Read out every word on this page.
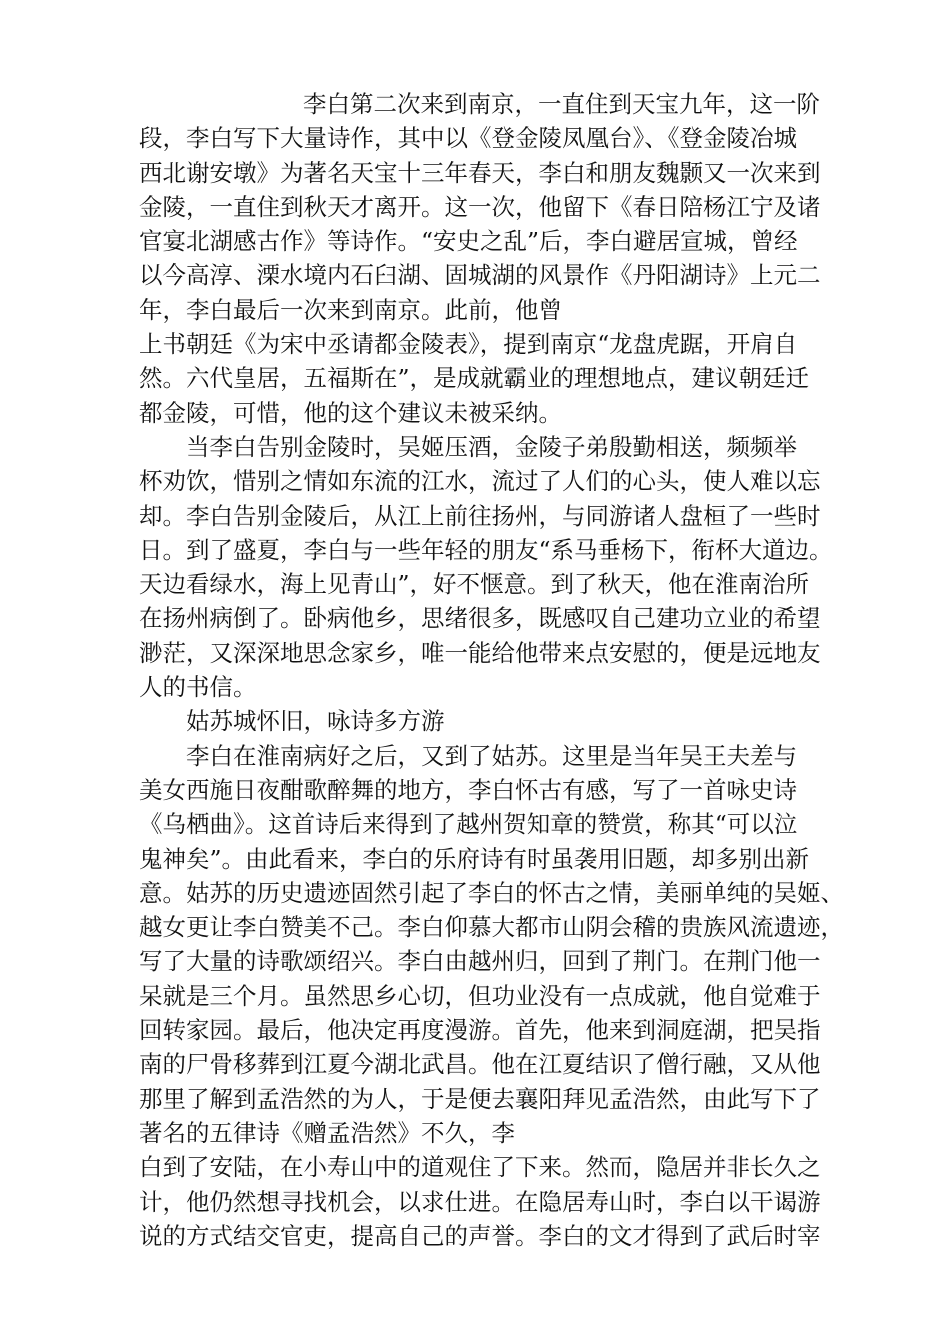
李白第二次来到南京，一直住到天宝九年，这一阶
段，李白写下大量诗作，其中以《登金陵凤凰台》、《登金陵冶城
西北谢安墩》为著名天宝十三年春天，李白和朋友魏颢又一次来到
金陵，一直住到秋天才离开。这一次，他留下《春日陪杨江宁及诸
官宴北湖感古作》等诗作。“安史之乱”后，李白避居宣城，曾经
以今高淳、溧水境内石臼湖、固城湖的风景作《丹阳湖诗》上元二
年，李白最后一次来到南京。此前，他曾
上书朝廷《为宋中丞请都金陵表》，提到南京“龙盘虎踞，开肩自
然。六代皇居，五福斯在”，是成就霸业的理想地点，建议朝廷迁
都金陵，可惜，他的这个建议未被采纳。
当李白告别金陵时，吴姬压酒，金陵子弟殷勤相送，频频举
杯劝饮，惜别之情如东流的江水，流过了人们的心头，使人难以忘
却。李白告别金陵后，从江上前往扬州，与同游诸人盘桓了一些时
日。到了盛夏，李白与一些年轻的朋友“系马垂杨下，衔杯大道边。
天边看绿水，海上见青山”，好不惬意。到了秋天，他在淮南治所
在扬州病倒了。卧病他乡，思绪很多，既感叹自己建功立业的希望
渺茫，又深深地思念家乡，唯一能给他带来点安慰的，便是远地友
人的书信。
姑苏城怀旧，咏诗多方游
李白在淮南病好之后，又到了姑苏。这里是当年吴王夫差与
美女西施日夜酣歌醉舞的地方，李白怀古有感，写了一首咏史诗
《乌栖曲》。这首诗后来得到了越州贺知章的赞赏，称其“可以泣
鬼神矣”。由此看来，李白的乐府诗有时虽袭用旧题，却多别出新
意。姑苏的历史遗迹固然引起了李白的怀古之情，美丽单纯的吴姬、
越女更让李白赞美不己。李白仰慕大都市山阴会稽的贵族风流遗迹，
写了大量的诗歌颂绍兴。李白由越州归，回到了荆门。在荆门他一
呆就是三个月。虽然思乡心切，但功业没有一点成就，他自觉难于
回转家园。最后，他决定再度漫游。首先，他来到洞庭湖，把吴指
南的尸骨移葬到江夏今湖北武昌。他在江夏结识了僧行融，又从他
那里了解到孟浩然的为人，于是便去襄阳拜见孟浩然，由此写下了
著名的五律诗《赠孟浩然》不久，李
白到了安陆，在小寿山中的道观住了下来。然而，隐居并非长久之
计，他仍然想寻找机会，以求仕进。在隐居寿山时，李白以干谒游
说的方式结交官吏，提高自己的声誉。李白的文才得到了武后时宰
